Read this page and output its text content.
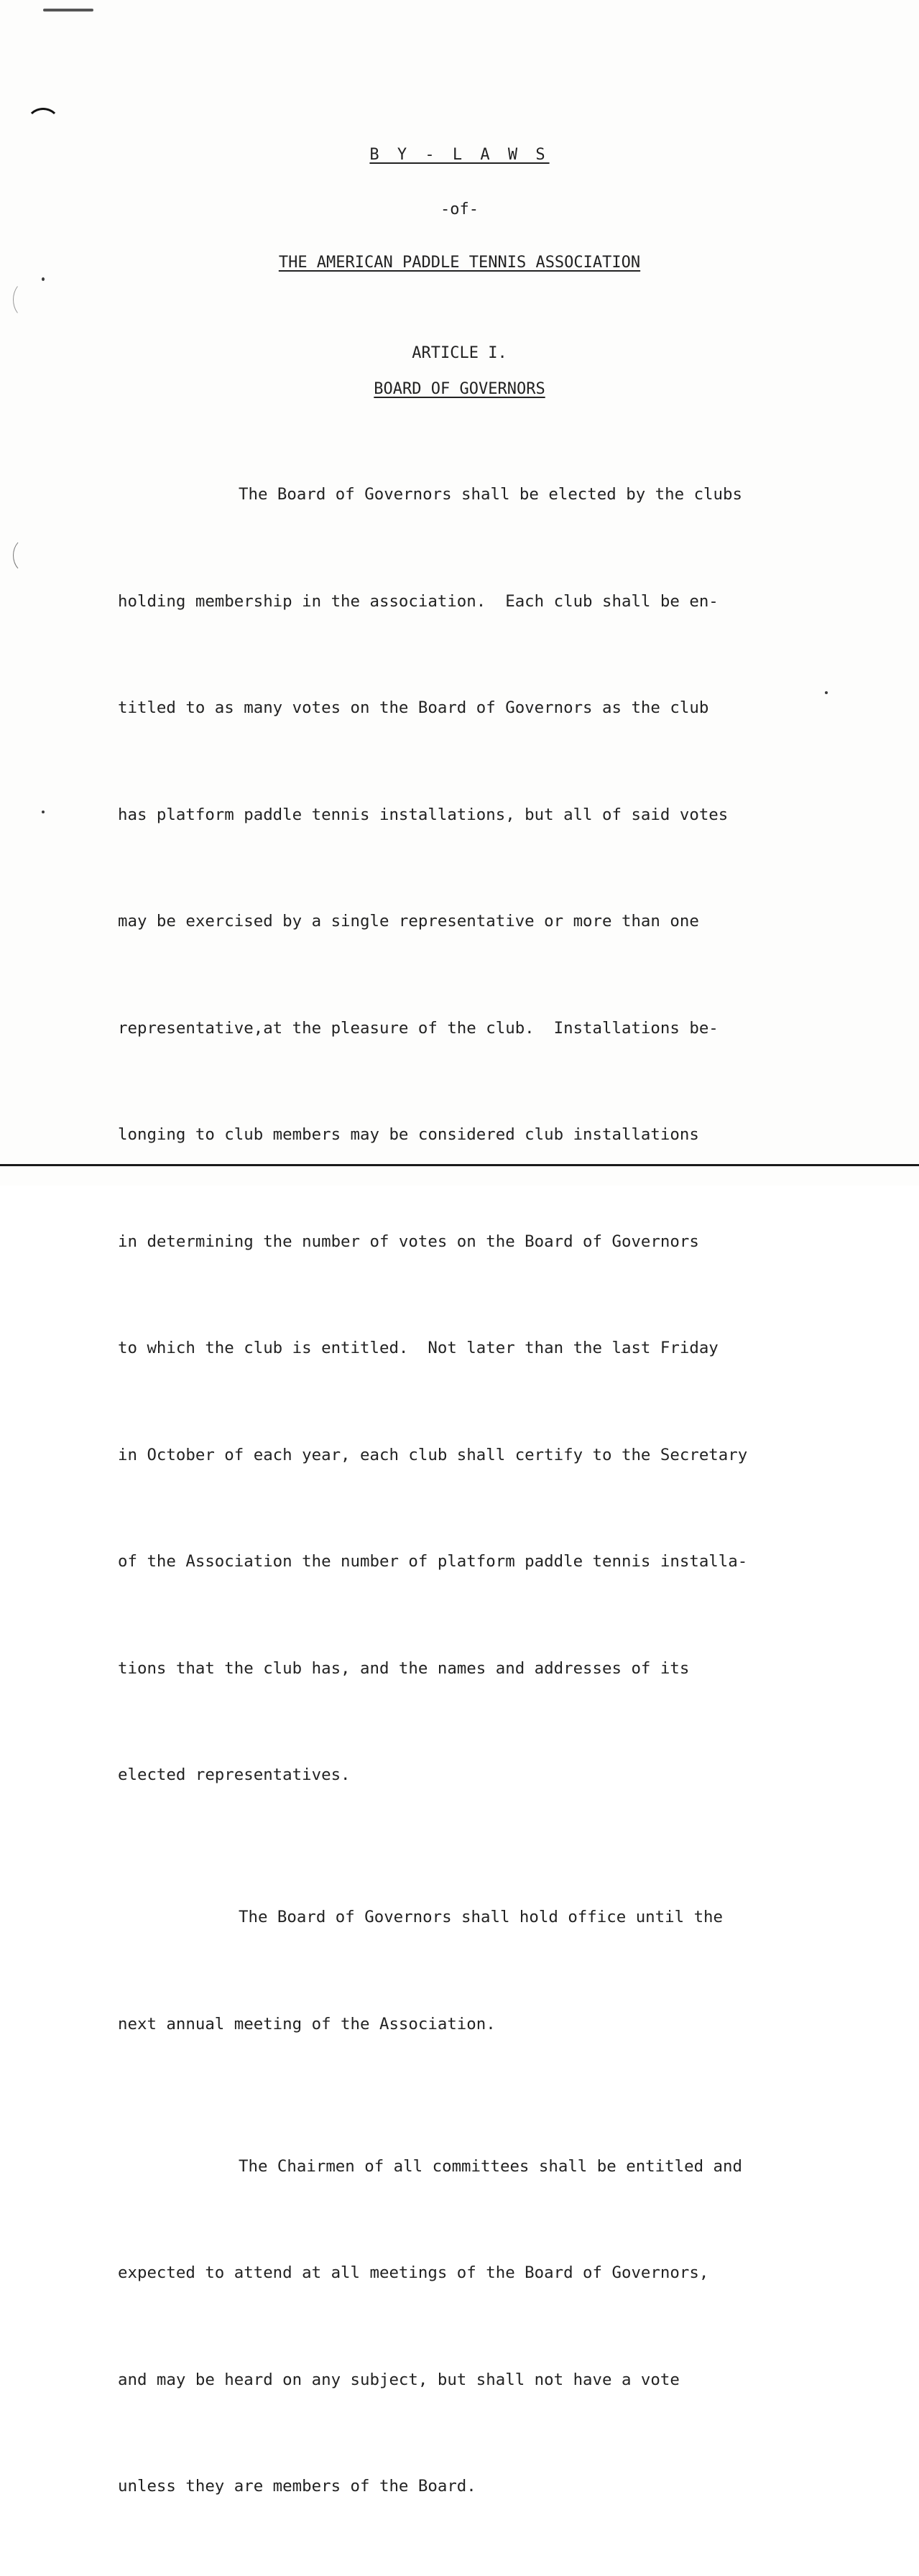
B Y - L A W S
-of-
THE AMERICAN PADDLE TENNIS ASSOCIATION
ARTICLE I.
BOARD OF GOVERNORS

The Board of Governors shall be elected by the clubs

holding membership in the association.  Each club shall be en-

titled to as many votes on the Board of Governors as the club

has platform paddle tennis installations, but all of said votes

may be exercised by a single representative or more than one

representative,at the pleasure of the club.  Installations be-

longing to club members may be considered club installations

in determining the number of votes on the Board of Governors

to which the club is entitled.  Not later than the last Friday

in October of each year, each club shall certify to the Secretary

of the Association the number of platform paddle tennis installa-

tions that the club has, and the names and addresses of its

elected representatives.

The Board of Governors shall hold office until the

next annual meeting of the Association.

The Chairmen of all committees shall be entitled and

expected to attend at all meetings of the Board of Governors,

and may be heard on any subject, but shall not have a vote

unless they are members of the Board.
